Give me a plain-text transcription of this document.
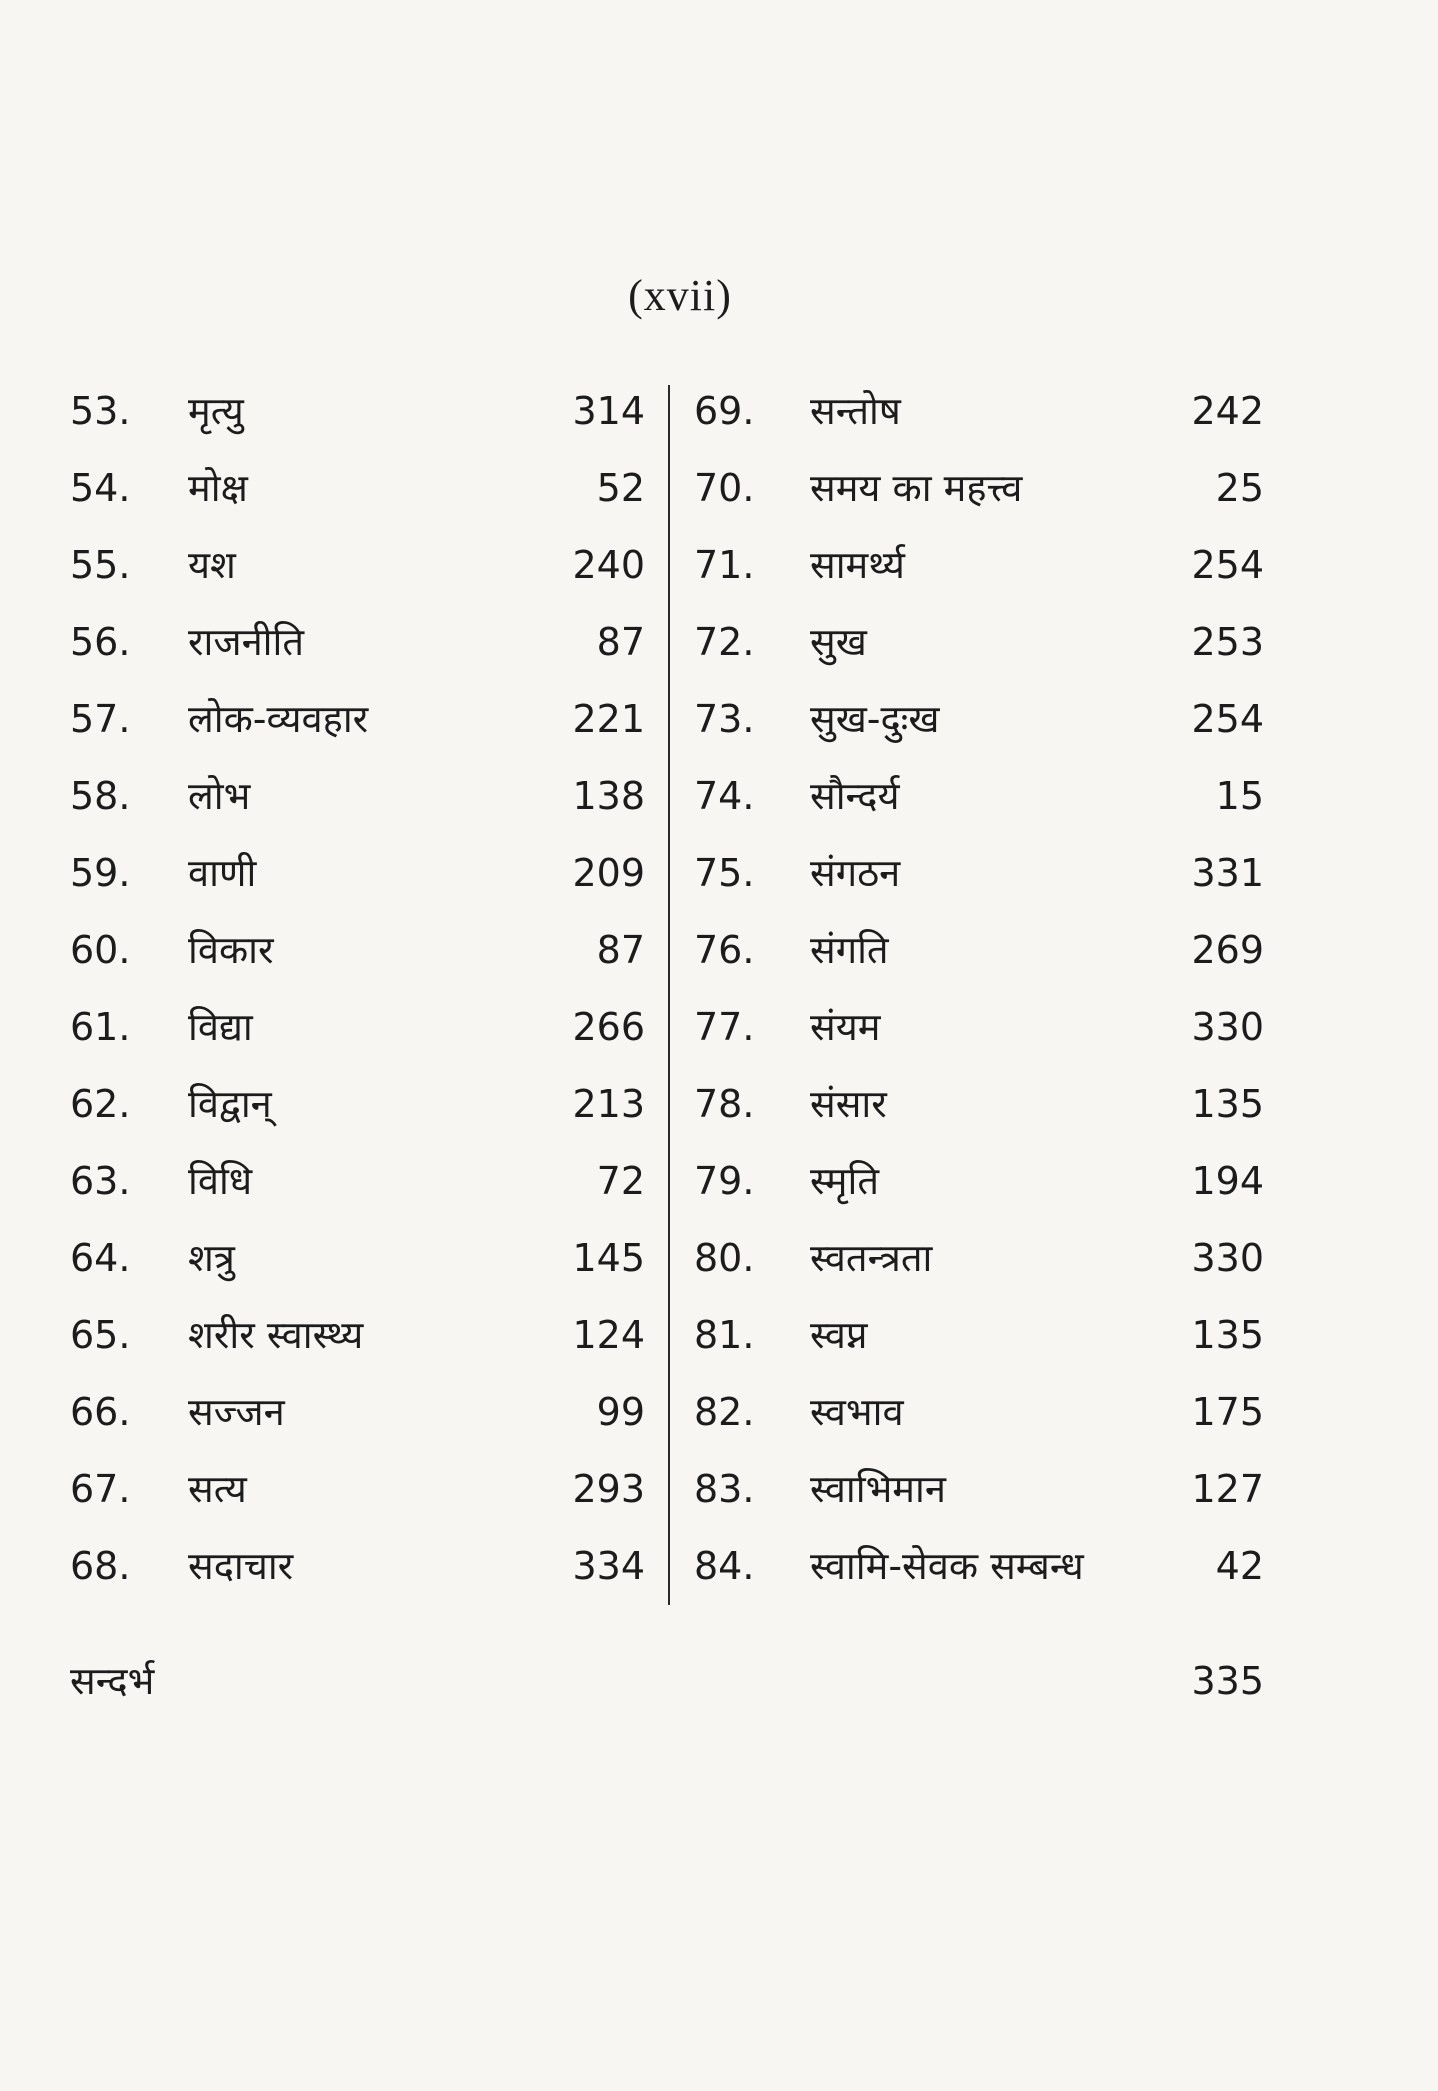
(xvii)
53. मृत्यु	314
54. मोक्ष	52
55. यश	240
56. राजनीति	87
57. लोक-व्यवहार	221
58. लोभ	138
59. वाणी	209
60. विकार	87
61. विद्या	266
62. विद्वान्	213
63. विधि	72
64. शत्रु	145
65. शरीर स्वास्थ्य	124
66. सज्जन	99
67. सत्य	293
68. सदाचार	334
69. सन्तोष	242
70. समय का महत्त्व	25
71. सामर्थ्य	254
72. सुख	253
73. सुख-दुःख	254
74. सौन्दर्य	15
75. संगठन	331
76. संगति	269
77. संयम	330
78. संसार	135
79. स्मृति	194
80. स्वतन्त्रता	330
81. स्वप्न	135
82. स्वभाव	175
83. स्वाभिमान	127
84. स्वामि-सेवक सम्बन्ध	42
सन्दर्भ	335
